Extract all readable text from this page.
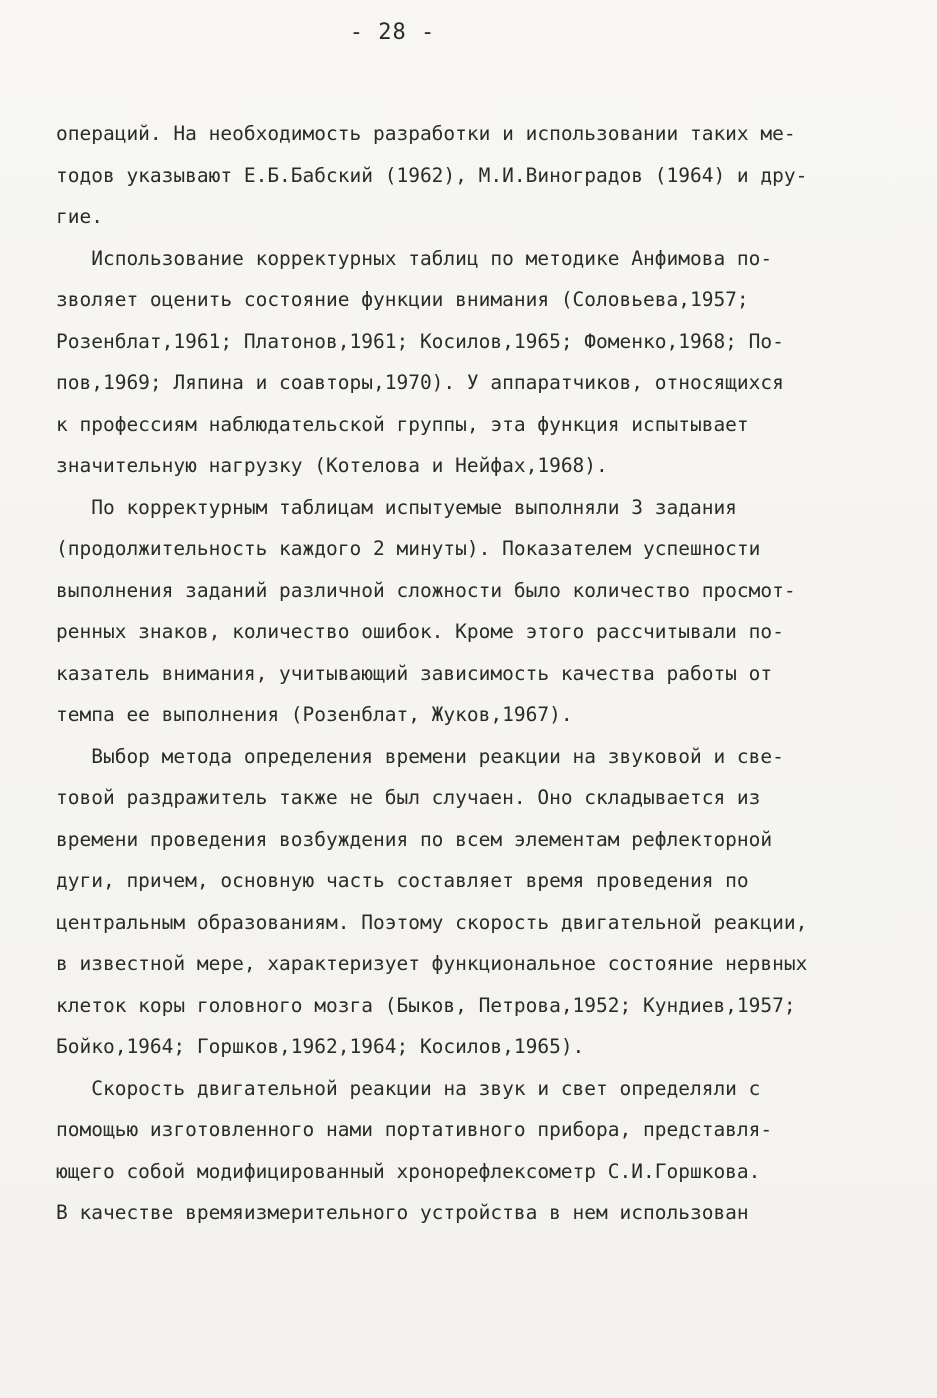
- 28 -
операций. На необходимость разработки и использовании таких ме-
тодов указывают Е.Б.Бабский (1962), М.И.Виноградов (1964) и дру-
гие.
Использование корректурных таблиц по методике Анфимова по-
зволяет оценить состояние функции внимания (Соловьева,1957;
Розенблат,1961; Платонов,1961; Косилов,1965; Фоменко,1968; По-
пов,1969; Ляпина и соавторы,1970). У аппаратчиков, относящихся
к профессиям наблюдательской группы, эта функция испытывает
значительную нагрузку (Котелова и Нейфах,1968).
По корректурным таблицам испытуемые выполняли 3 задания
(продолжительность каждого 2 минуты). Показателем успешности
выполнения заданий различной сложности было количество просмот-
ренных знаков, количество ошибок. Кроме этого рассчитывали по-
казатель внимания, учитывающий зависимость качества работы от
темпа ее выполнения (Розенблат, Жуков,1967).
Выбор метода определения времени реакции на звуковой и све-
товой раздражитель также не был случаен. Оно складывается из
времени проведения возбуждения по всем элементам рефлекторной
дуги, причем, основную часть составляет время проведения по
центральным образованиям. Поэтому скорость двигательной реакции,
в известной мере, характеризует функциональное состояние нервных
клеток коры головного мозга (Быков, Петрова,1952; Кундиев,1957;
Бойко,1964; Горшков,1962,1964; Косилов,1965).
Скорость двигательной реакции на звук и свет определяли с
помощью изготовленного нами портативного прибора, представля-
ющего собой модифицированный хронорефлексометр С.И.Горшкова.
В качестве времяизмерительного устройства в нем использован
